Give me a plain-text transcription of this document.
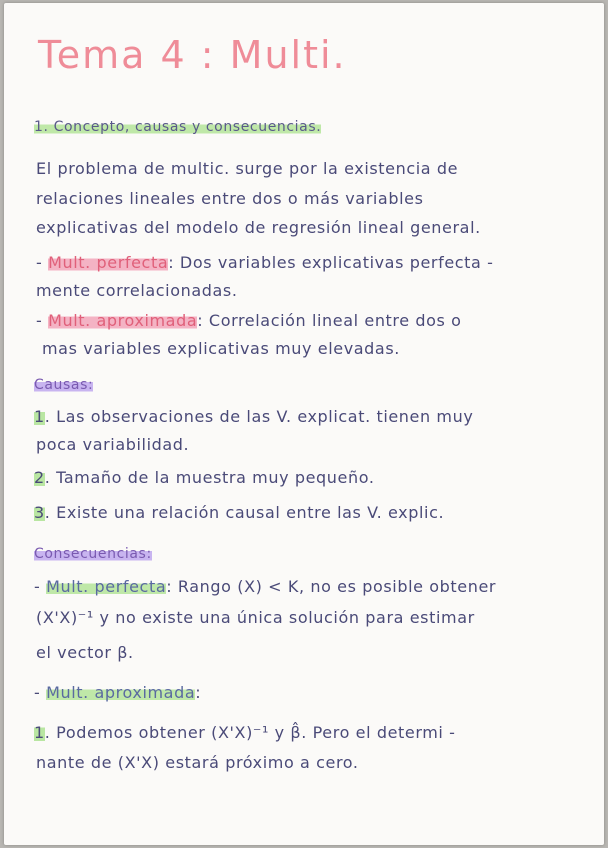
Tema 4 : Multi.
1. Concepto, causas y consecuencias.
El problema de multic. surge por la existencia de
relaciones lineales entre dos o más variables
explicativas del modelo de regresión lineal general.
- Mult. perfecta: Dos variables explicativas perfecta -
mente correlacionadas.
- Mult. aproximada: Correlación lineal entre dos o
mas variables explicativas muy elevadas.
Causas:
1. Las observaciones de las V. explicat. tienen muy
poca variabilidad.
2. Tamaño de la muestra muy pequeño.
3. Existe una relación causal entre las V. explic.
Consecuencias:
- Mult. perfecta: Rango (X) < K, no es posible obtener
(X'X)⁻¹ y no existe una única solución para estimar
el vector β.
- Mult. aproximada:
1. Podemos obtener (X'X)⁻¹ y β̂. Pero el determi -
nante de (X'X) estará próximo a cero.
